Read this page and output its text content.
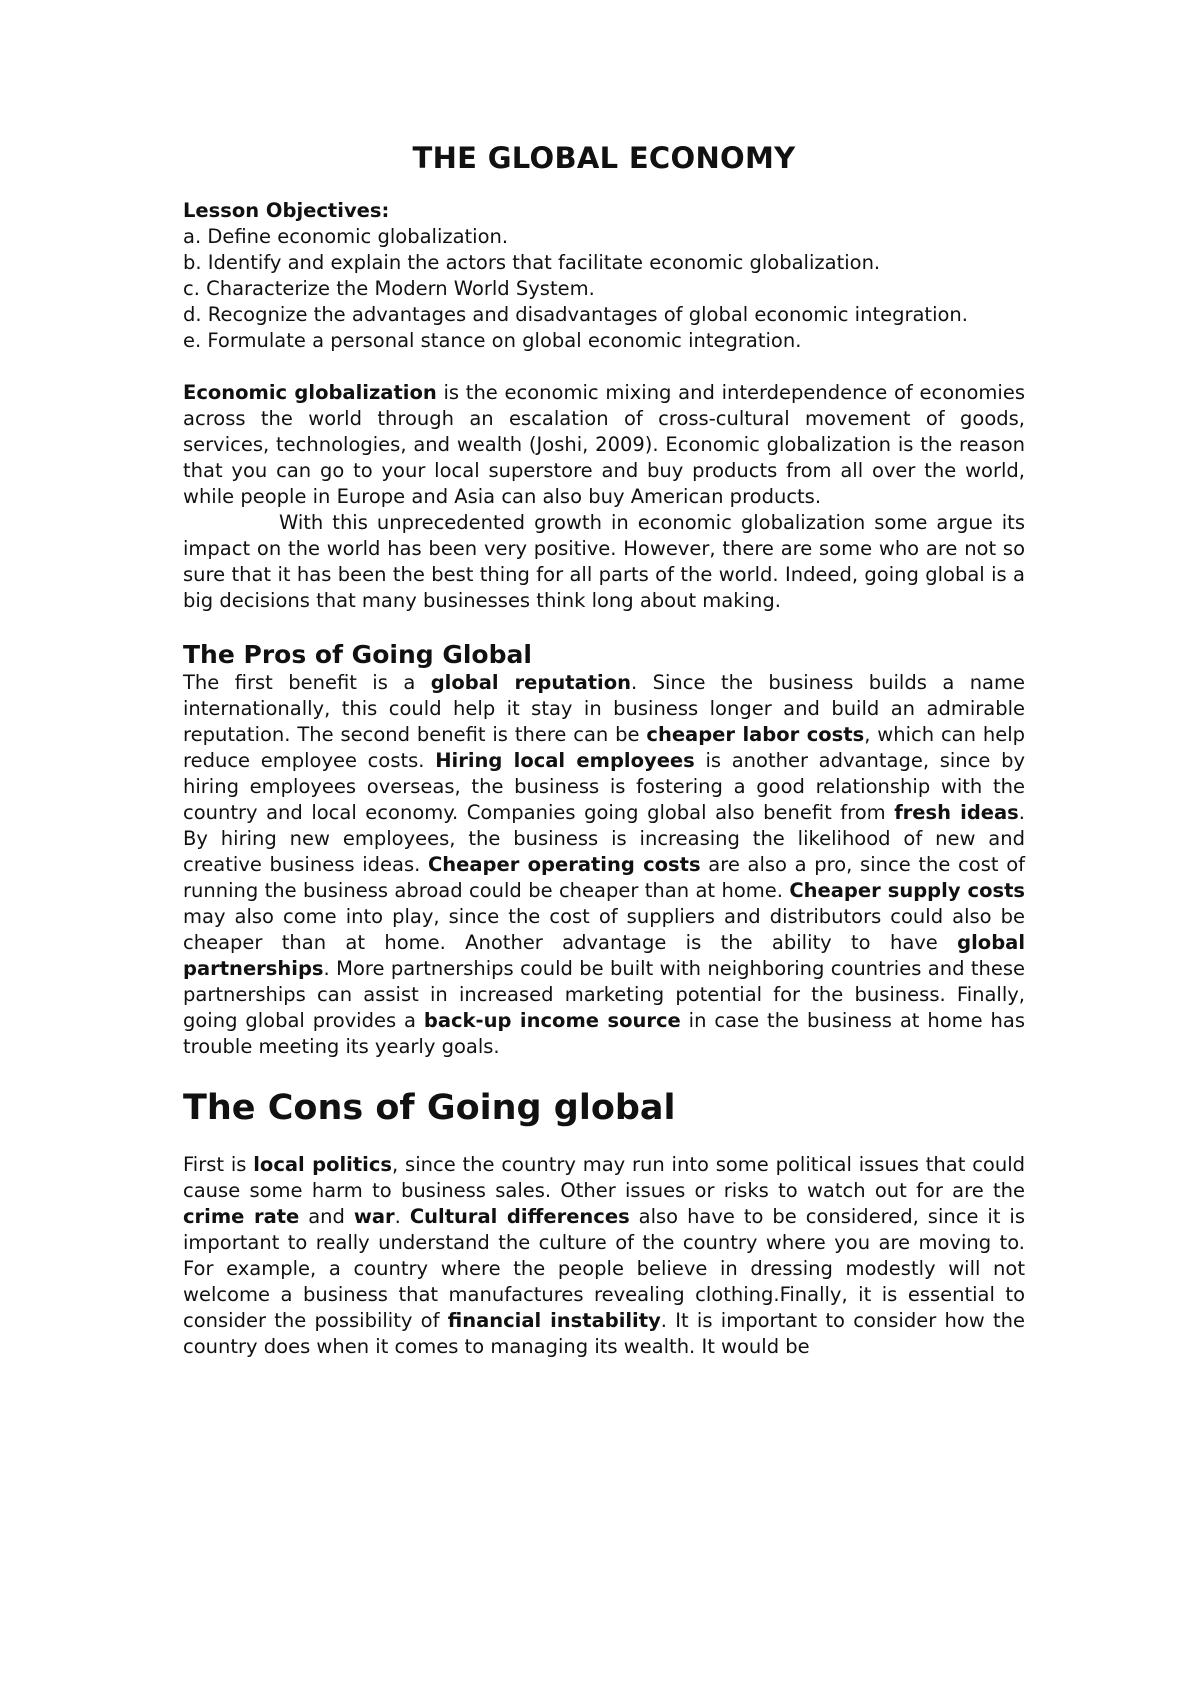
THE GLOBAL ECONOMY
Lesson Objectives:
a. Define economic globalization.
b. Identify and explain the actors that facilitate economic globalization.
c. Characterize the Modern World System.
d. Recognize the advantages and disadvantages of global economic integration.
e. Formulate a personal stance on global economic integration.

Economic globalization is the economic mixing and interdependence of economies across the world through an escalation of cross-cultural movement of goods, services, technologies, and wealth (Joshi, 2009). Economic globalization is the reason that you can go to your local superstore and buy products from all over the world, while people in Europe and Asia can also buy American products.

With this unprecedented growth in economic globalization some argue its impact on the world has been very positive. However, there are some who are not so sure that it has been the best thing for all parts of the world. Indeed, going global is a big decisions that many businesses think long about making.

The Pros of Going Global

The first benefit is a global reputation. Since the business builds a name internationally, this could help it stay in business longer and build an admirable reputation. The second benefit is there can be cheaper labor costs, which can help reduce employee costs. Hiring local employees is another advantage, since by hiring employees overseas, the business is fostering a good relationship with the country and local economy. Companies going global also benefit from fresh ideas. By hiring new employees, the business is increasing the likelihood of new and creative business ideas. Cheaper operating costs are also a pro, since the cost of running the business abroad could be cheaper than at home. Cheaper supply costs may also come into play, since the cost of suppliers and distributors could also be cheaper than at home. Another advantage is the ability to have global partnerships. More partnerships could be built with neighboring countries and these partnerships can assist in increased marketing potential for the business. Finally, going global provides a back-up income source in case the business at home has trouble meeting its yearly goals.

The Cons of Going global

First is local politics, since the country may run into some political issues that could cause some harm to business sales. Other issues or risks to watch out for are the crime rate and war. Cultural differences also have to be considered, since it is important to really understand the culture of the country where you are moving to. For example, a country where the people believe in dressing modestly will not welcome a business that manufactures revealing clothing.Finally, it is essential to consider the possibility of financial instability. It is important to consider how the country does when it comes to managing its wealth. It would be
